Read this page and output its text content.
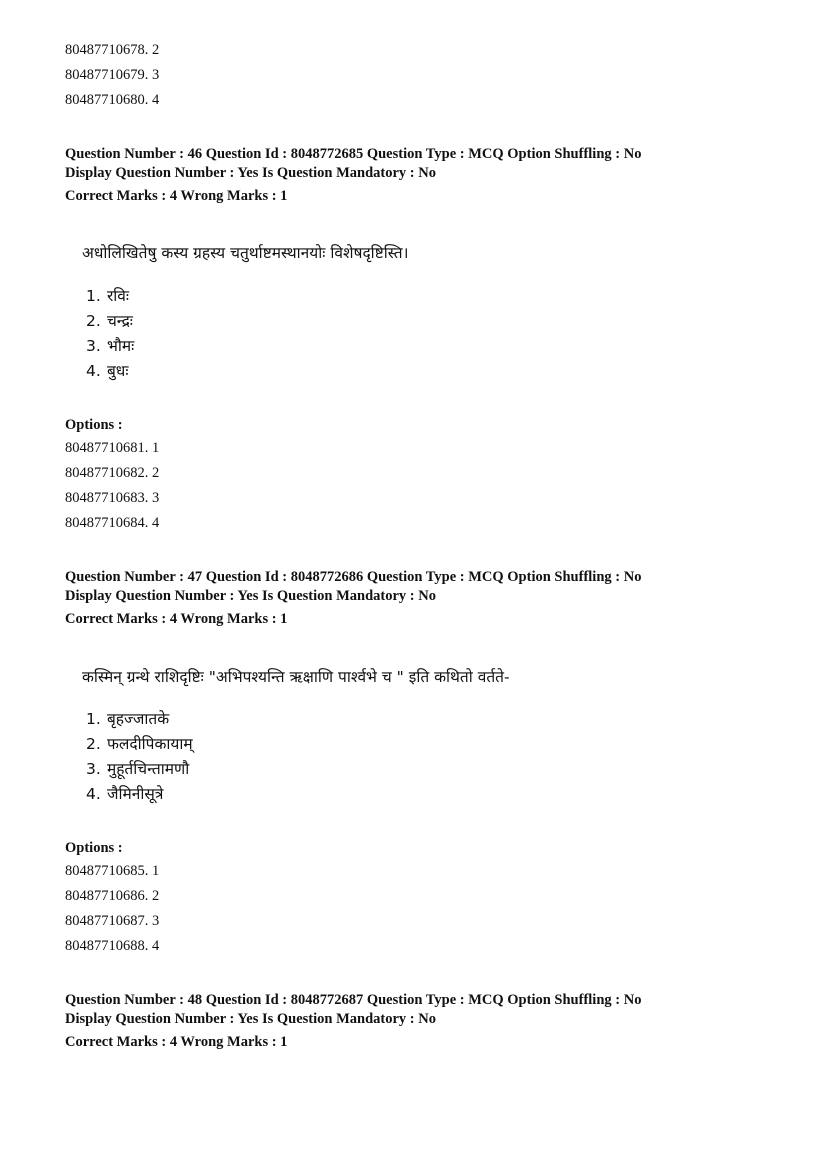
80487710678. 2
80487710679. 3
80487710680. 4
Question Number : 46 Question Id : 8048772685 Question Type : MCQ Option Shuffling : No
Display Question Number : Yes Is Question Mandatory : No
Correct Marks : 4 Wrong Marks : 1
अधोलिखितेषु कस्य ग्रहस्य चतुर्थाष्टमस्थानयोः विशेषदृष्टिस्ति।
1. रविः
2. चन्द्रः
3. भौमः
4. बुधः
Options :
80487710681. 1
80487710682. 2
80487710683. 3
80487710684. 4
Question Number : 47 Question Id : 8048772686 Question Type : MCQ Option Shuffling : No
Display Question Number : Yes Is Question Mandatory : No
Correct Marks : 4 Wrong Marks : 1
कस्मिन् ग्रन्थे राशिदृष्टिः "अभिपश्यन्ति ऋक्षाणि पार्श्वभे च " इति कथितो वर्तते-
1. बृहज्जातके
2. फलदीपिकायाम्
3. मुहूर्तचिन्तामणौ
4. जैमिनीसूत्रे
Options :
80487710685. 1
80487710686. 2
80487710687. 3
80487710688. 4
Question Number : 48 Question Id : 8048772687 Question Type : MCQ Option Shuffling : No
Display Question Number : Yes Is Question Mandatory : No
Correct Marks : 4 Wrong Marks : 1
